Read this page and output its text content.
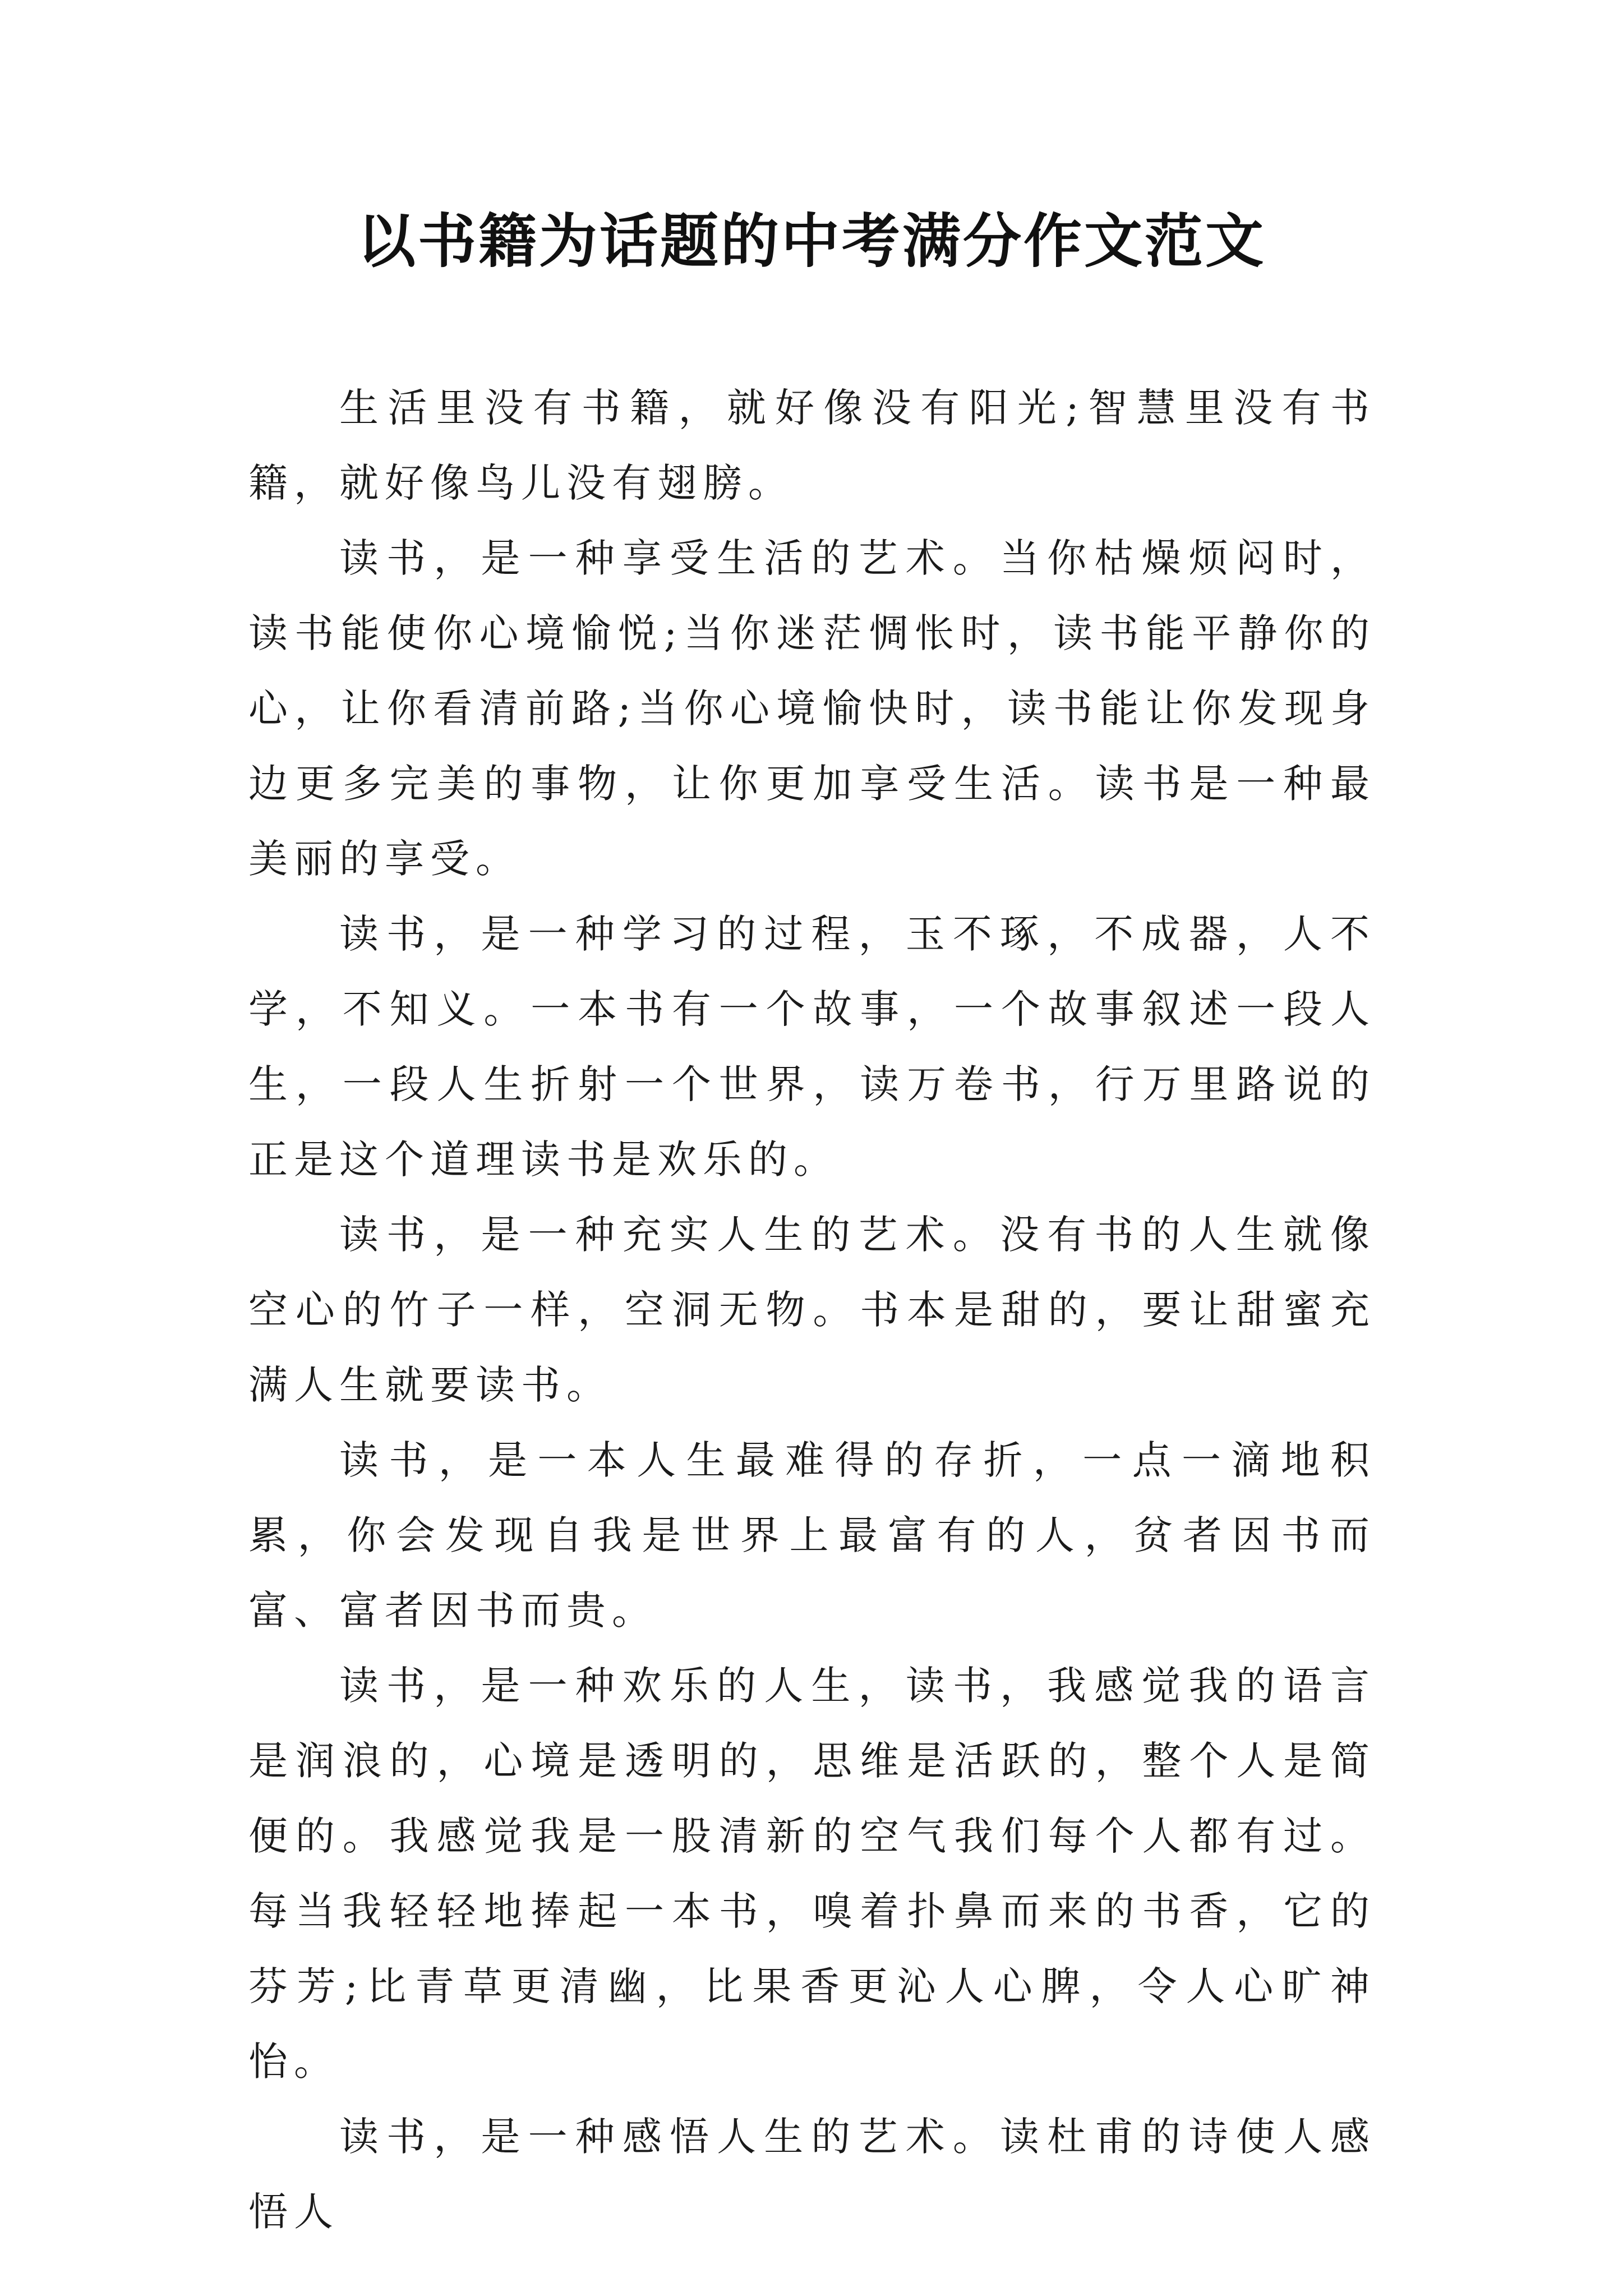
以书籍为话题的中考满分作文范文

生活里没有书籍，就好像没有阳光;智慧里没有书籍，就好像鸟儿没有翅膀。

读书，是一种享受生活的艺术。当你枯燥烦闷时，读书能使你心境愉悦;当你迷茫惆怅时，读书能平静你的心，让你看清前路;当你心境愉快时，读书能让你发现身边更多完美的事物，让你更加享受生活。读书是一种最美丽的享受。

读书，是一种学习的过程，玉不琢，不成器，人不学，不知义。一本书有一个故事，一个故事叙述一段人生，一段人生折射一个世界，读万卷书，行万里路说的正是这个道理读书是欢乐的。

读书，是一种充实人生的艺术。没有书的人生就像空心的竹子一样，空洞无物。书本是甜的，要让甜蜜充满人生就要读书。

读书，是一本人生最难得的存折，一点一滴地积累，你会发现自我是世界上最富有的人，贫者因书而富、富者因书而贵。

读书，是一种欢乐的人生，读书，我感觉我的语言是润浪的，心境是透明的，思维是活跃的，整个人是简便的。我感觉我是一股清新的空气我们每个人都有过。每当我轻轻地捧起一本书，嗅着扑鼻而来的书香，它的芬芳;比青草更清幽，比果香更沁人心脾，令人心旷神怡。

读书，是一种感悟人生的艺术。读杜甫的诗使人感悟人
